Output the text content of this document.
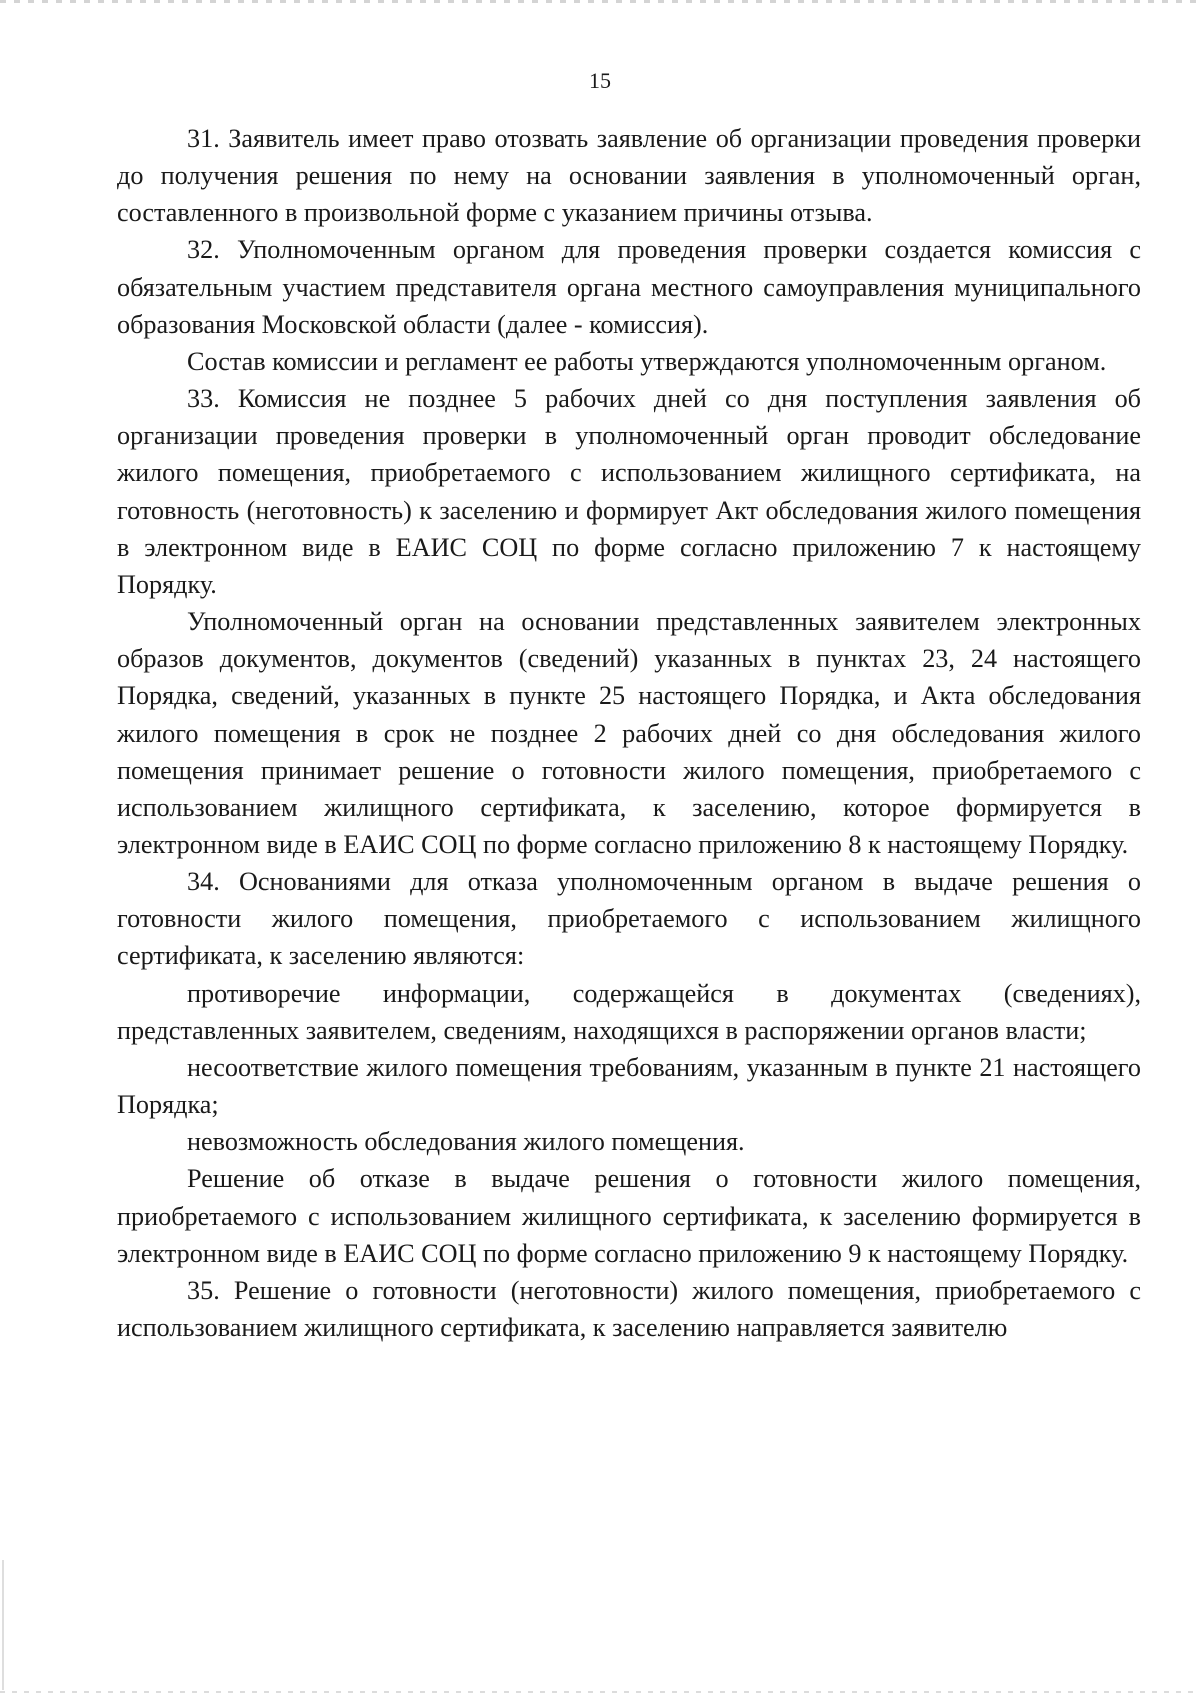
15

31. Заявитель имеет право отозвать заявление об организации проведения проверки до получения решения по нему на основании заявления в уполномоченный орган, составленного в произвольной форме с указанием причины отзыва.

32. Уполномоченным органом для проведения проверки создается комиссия с обязательным участием представителя органа местного самоуправления муниципального образования Московской области (далее - комиссия).

Состав комиссии и регламент ее работы утверждаются уполномоченным органом.

33. Комиссия не позднее 5 рабочих дней со дня поступления заявления об организации проведения проверки в уполномоченный орган проводит обследование жилого помещения, приобретаемого с использованием жилищного сертификата, на готовность (неготовность) к заселению и формирует Акт обследования жилого помещения в электронном виде в ЕАИС СОЦ по форме согласно приложению 7 к настоящему Порядку.

Уполномоченный орган на основании представленных заявителем электронных образов документов, документов (сведений) указанных в пунктах 23, 24 настоящего Порядка, сведений, указанных в пункте 25 настоящего Порядка, и Акта обследования жилого помещения в срок не позднее 2 рабочих дней со дня обследования жилого помещения принимает решение о готовности жилого помещения, приобретаемого с использованием жилищного сертификата, к заселению, которое формируется в электронном виде в ЕАИС СОЦ по форме согласно приложению 8 к настоящему Порядку.

34. Основаниями для отказа уполномоченным органом в выдаче решения о готовности жилого помещения, приобретаемого с использованием жилищного сертификата, к заселению являются:

противоречие информации, содержащейся в документах (сведениях), представленных заявителем, сведениям, находящихся в распоряжении органов власти;

несоответствие жилого помещения требованиям, указанным в пункте 21 настоящего Порядка;

невозможность обследования жилого помещения.

Решение об отказе в выдаче решения о готовности жилого помещения, приобретаемого с использованием жилищного сертификата, к заселению формируется в электронном виде в ЕАИС СОЦ по форме согласно приложению 9 к настоящему Порядку.

35. Решение о готовности (неготовности) жилого помещения, приобретаемого с использованием жилищного сертификата, к заселению направляется заявителю
